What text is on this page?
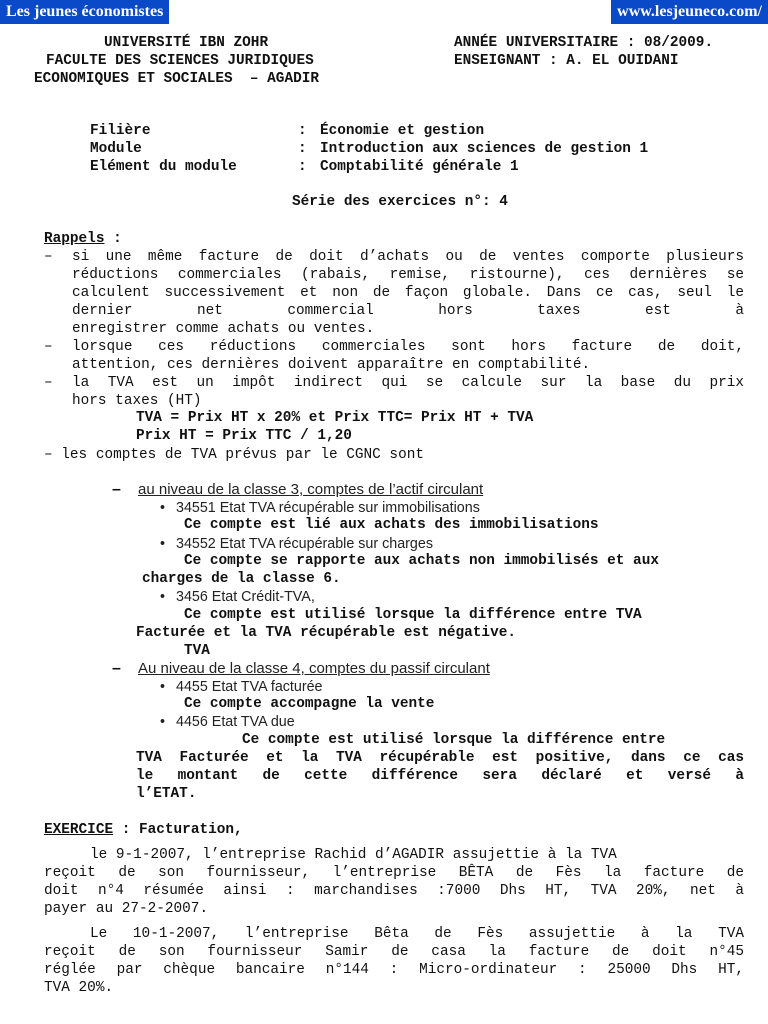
Les jeunes économistes	www.lesjeuneco.com/
UNIVERSITÉ IBN ZOHR
FACULTE DES SCIENCES JURIDIQUES
ECONOMIQUES ET SOCIALES  – AGADIR
ANNÉE UNIVERSITAIRE : 08/2009.
ENSEIGNANT : A. EL OUIDANI
Filière	: Économie et gestion
Module	: Introduction aux sciences de gestion 1
Elément du module	: Comptabilité générale 1
Série des exercices n°: 4
Rappels :
– si une même facture de doit d’achats ou de ventes comporte plusieurs réductions commerciales (rabais, remise, ristourne), ces dernières se calculent successivement et non de façon globale. Dans ce cas, seul le dernier net commercial hors taxes est à
enregistrer comme achats ou ventes.
– lorsque ces réductions commerciales sont hors facture de doit,
attention, ces dernières doivent apparaître en comptabilité.
– la TVA est un impôt indirect qui se calcule sur la base du prix
hors taxes (HT)
TVA = Prix HT x 20% et Prix TTC= Prix HT + TVA
Prix HT = Prix TTC / 1,20
– les comptes de TVA prévus par le CGNC sont
– au niveau de la classe 3, comptes de l’actif circulant
• 34551 Etat TVA récupérable sur immobilisations
Ce compte est lié aux achats des immobilisations
• 34552 Etat TVA récupérable sur charges
Ce compte se rapporte aux achats non immobilisés et aux
charges de la classe 6.
• 3456 Etat Crédit-TVA,
Ce compte est utilisé lorsque la différence entre TVA
Facturée et la TVA récupérable est négative.
TVA
– Au niveau de la classe 4, comptes du passif circulant
• 4455 Etat TVA facturée
Ce compte accompagne la vente
• 4456 Etat TVA due
Ce compte est utilisé lorsque la différence entre
TVA Facturée et la TVA récupérable est positive, dans ce cas
le montant de cette différence sera déclaré et versé à
l’ETAT.
EXERCICE : Facturation,
le 9-1-2007, l’entreprise Rachid d’AGADIR assujettie à la TVA
reçoit de son fournisseur, l’entreprise BÊTA de Fès la facture de
doit n°4 résumée ainsi : marchandises :7000 Dhs HT, TVA 20%, net à
payer au 27-2-2007.
Le 10-1-2007, l’entreprise Bêta de Fès assujettie à la TVA
reçoit de son fournisseur Samir de casa la facture de doit n°45
réglée par chèque bancaire n°144 : Micro-ordinateur : 25000 Dhs HT,
TVA 20%.
